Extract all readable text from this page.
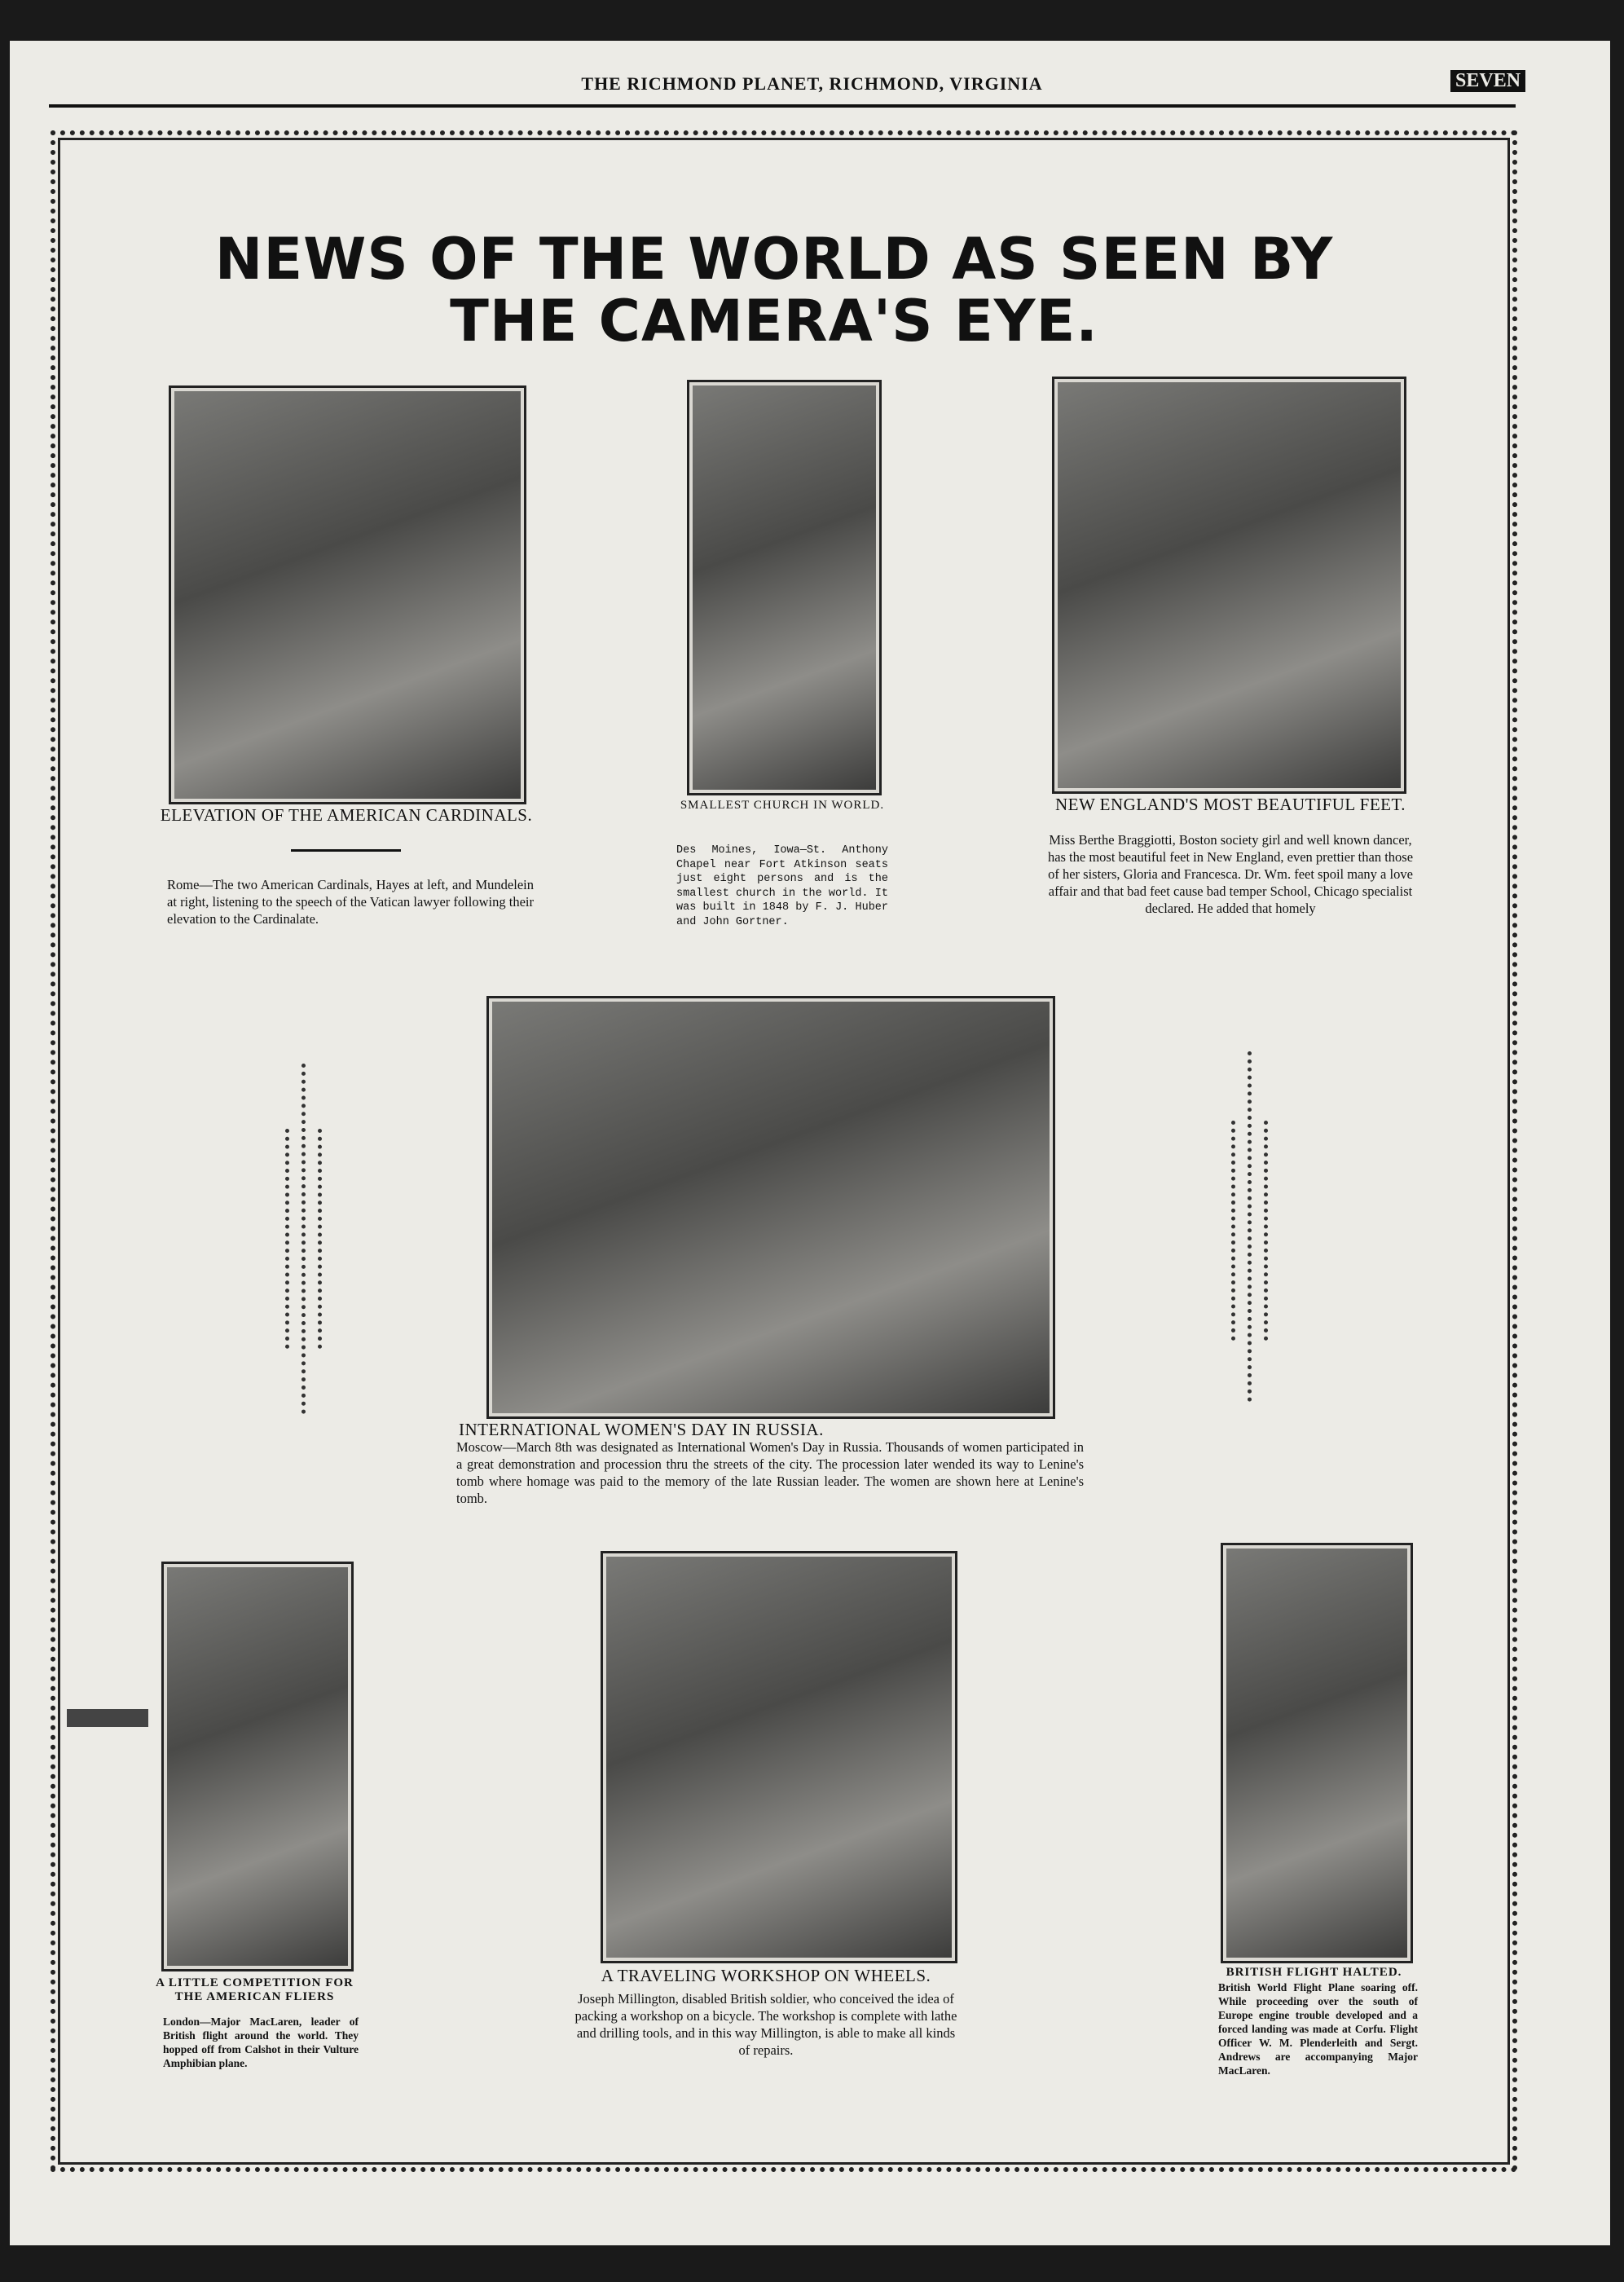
THE RICHMOND PLANET, RICHMOND, VIRGINIA	SEVEN
NEWS OF THE WORLD AS SEEN BY
THE CAMERA'S EYE.
ELEVATION OF THE AMERICAN CARDINALS.
Rome—The two American Cardinals, Hayes at left, and Mundelein at right, listening to the speech of the Vatican lawyer following their elevation to the Cardinalate.
SMALLEST CHURCH IN WORLD.
Des Moines, Iowa—St. Anthony Chapel near Fort Atkinson seats just eight persons and is the smallest church in the world. It was built in 1848 by F. J. Huber and John Gortner.
NEW ENGLAND'S MOST BEAUTIFUL FEET.
Miss Berthe Braggiotti, Boston society girl and well known dancer, has the most beautiful feet in New England, even prettier than those of her sisters, Gloria and Francesca. Dr. Wm. feet spoil many a love affair and that bad feet cause bad temper School, Chicago specialist declared. He added that homely
INTERNATIONAL WOMEN'S DAY IN RUSSIA.
Moscow—March 8th was designated as International Women's Day in Russia. Thousands of women participated in a great demonstration and procession thru the streets of the city. The procession later wended its way to Lenine's tomb where homage was paid to the memory of the late Russian leader. The women are shown here at Lenine's tomb.
A LITTLE COMPETITION FOR THE AMERICAN FLIERS
London—Major MacLaren, leader of British flight around the world. They hopped off from Calshot in their Vulture Amphibian plane.
A TRAVELING WORKSHOP ON WHEELS.
Joseph Millington, disabled British soldier, who conceived the idea of packing a workshop on a bicycle. The workshop is complete with lathe and drilling tools, and in this way Millington, is able to make all kinds of repairs.
BRITISH FLIGHT HALTED.
British World Flight Plane soaring off. While proceeding over the south of Europe engine trouble developed and a forced landing was made at Corfu. Flight Officer W. M. Plenderleith and Sergt. Andrews are accompanying Major MacLaren.
